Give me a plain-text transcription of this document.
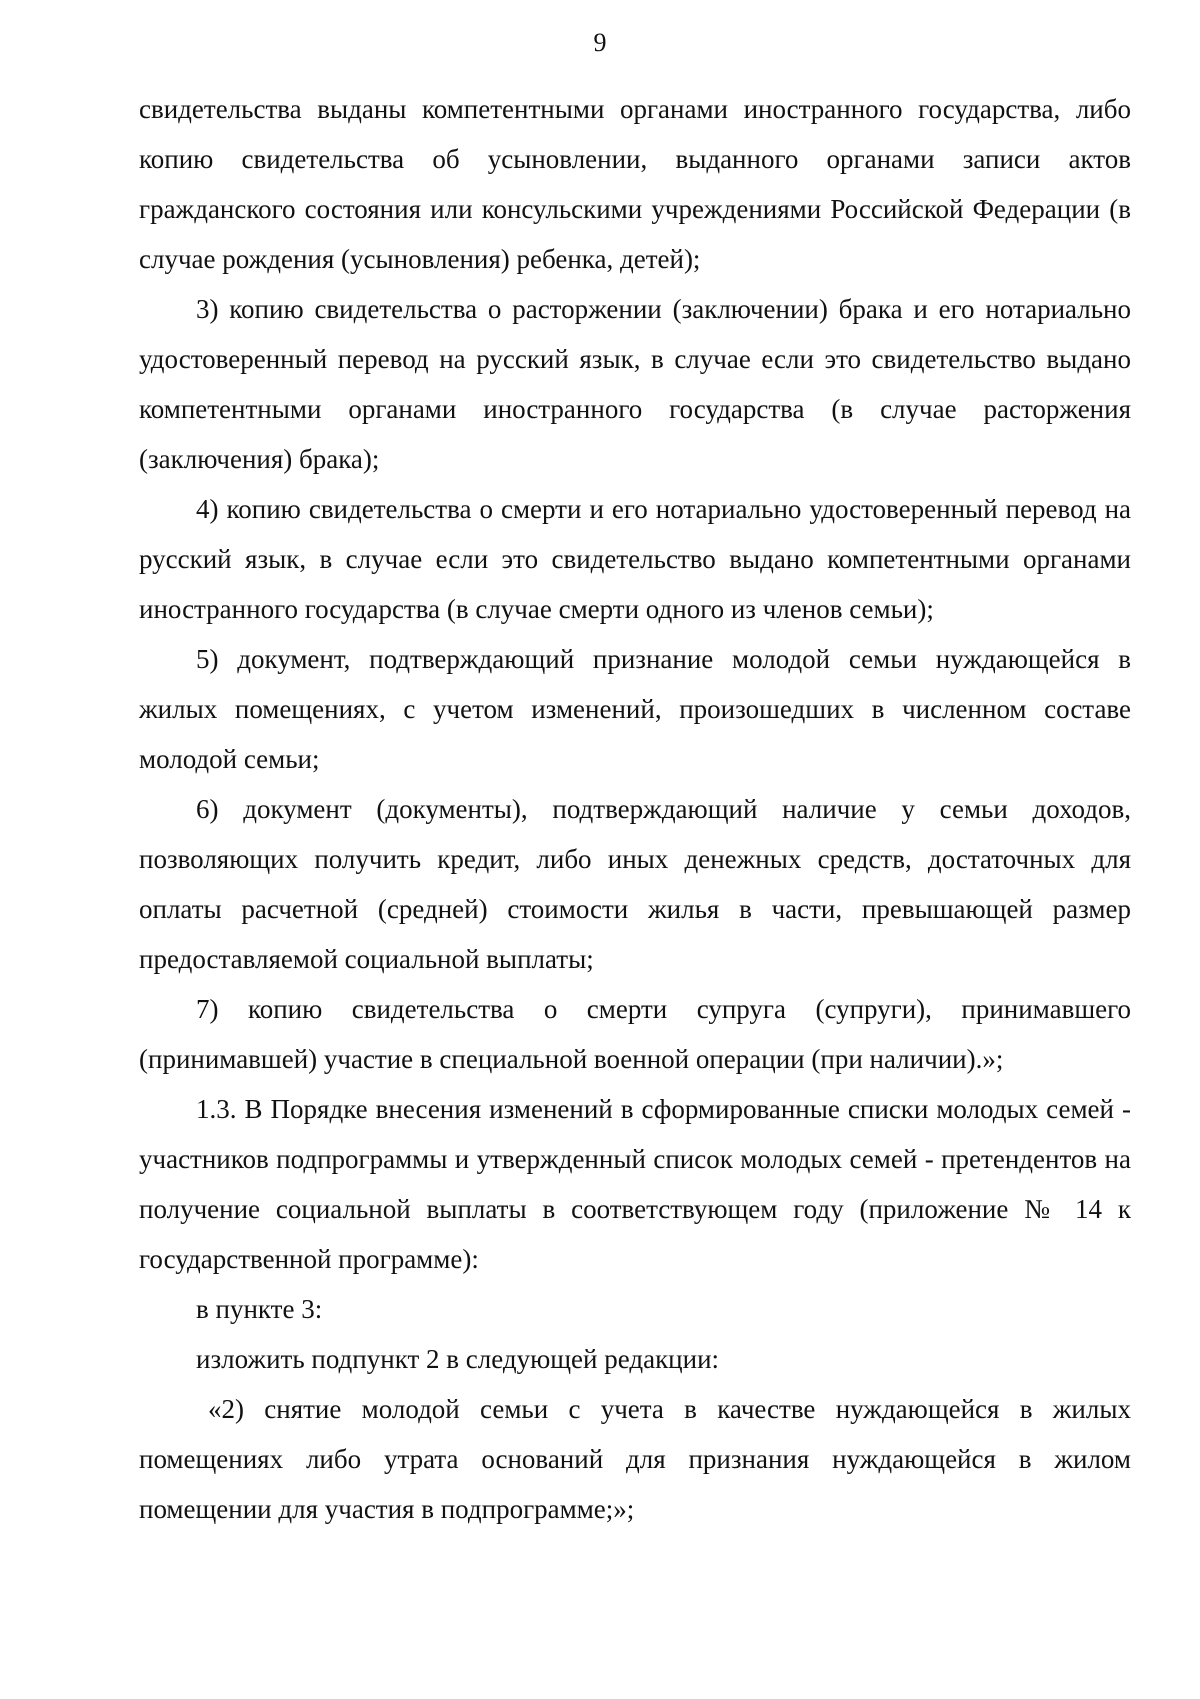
9

свидетельства выданы компетентными органами иностранного государства, либо копию свидетельства об усыновлении, выданного органами записи актов гражданского состояния или консульскими учреждениями Российской Федерации (в случае рождения (усыновления) ребенка, детей);

3) копию свидетельства о расторжении (заключении) брака и его нотариально удостоверенный перевод на русский язык, в случае если это свидетельство выдано компетентными органами иностранного государства (в случае расторжения (заключения) брака);

4) копию свидетельства о смерти и его нотариально удостоверенный перевод на русский язык, в случае если это свидетельство выдано компетентными органами иностранного государства (в случае смерти одного из членов семьи);

5) документ, подтверждающий признание молодой семьи нуждающейся в жилых помещениях, с учетом изменений, произошедших в численном составе молодой семьи;

6) документ (документы), подтверждающий наличие у семьи доходов, позволяющих получить кредит, либо иных денежных средств, достаточных для оплаты расчетной (средней) стоимости жилья в части, превышающей размер предоставляемой социальной выплаты;

7) копию свидетельства о смерти супруга (супруги), принимавшего (принимавшей) участие в специальной военной операции (при наличии).»;

1.3. В Порядке внесения изменений в сформированные списки молодых семей - участников подпрограммы и утвержденный список молодых семей - претендентов на получение социальной выплаты в соответствующем году (приложение № 14 к государственной программе):

в пункте 3:

изложить подпункт 2 в следующей редакции:

«2) снятие молодой семьи с учета в качестве нуждающейся в жилых помещениях либо утрата оснований для признания нуждающейся в жилом помещении для участия в подпрограмме;»;
